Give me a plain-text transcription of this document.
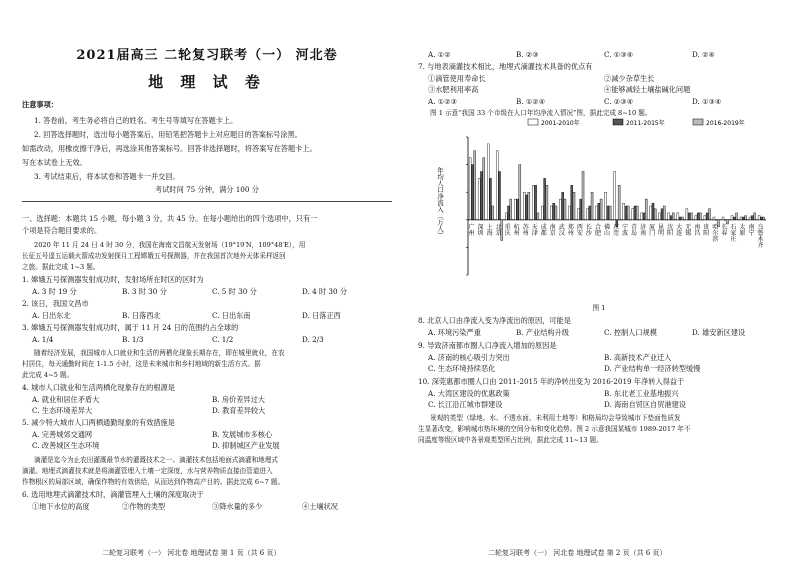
2021届高三 二轮复习联考（一） 河北卷
地 理 试 卷
注意事项：
1. 答卷前，考生务必将自己的姓名、考生号等填写在答题卡上。
2. 回答选择题时，选出每小题答案后，用铅笔把答题卡上对应题目的答案标号涂黑。
如需改动，用橡皮擦干净后，再选涂其他答案标号。回答非选择题时，将答案写在答题卡上。
写在本试卷上无效。
3. 考试结束后，将本试卷和答题卡一并交回。
考试时间 75 分钟，满分 100 分
一、选择题：本题共 15 小题，每小题 3 分，共 45 分。在每小题给出的四个选项中，只有一
个项是符合题目要求的。
2020 年 11 月 24 日 4 时 30 分，我国在海南文昌航天发射场（19°19′N，109°48′E），用
长征五号遥五运载火箭成功发射探月工程嫦娥五号探测器，并在我国首次地外天体采样返回
之旅。据此完成 1~3 题。
1. 嫦娥五号探测器发射成功时，发射场所在时区的区时为
A. 3 时 19 分	B. 3 时 30 分	C. 5 时 30 分	D. 4 时 30 分
2. 该日，我国文昌市
A. 日出东北	B. 日落西北	C. 日出东南	D. 日落正西
3. 嫦娥五号探测器发射成功时，属于 11 月 24 日的范围约占全球的
A. 1/4	B. 1/3	C. 1/2	D. 2/3
随着经济发展，我国城市人口就业和生活的两栖化现象长期存在，即在城里就业，在农
村居住，每天通勤时间在 1-1.5 小时，这是未来城市和乡村地域的新生活方式。据
此完成 4~5 题。
4. 城市人口就业和生活两栖化现象存在的根源是
A. 就业和居住矛盾大	B. 房价差异过大
C. 生态环境差异大	D. 教育差异较大
5. 减少特大城市人口两栖通勤现象的有效措施是
A. 完善城郊交通网	B. 发展城市多核心
C. 改善城区生态环境	D. 抑制城区产业发展
滴灌是迄今为止农田灌溉最节水的灌溉技术之一。滴灌技术包括地面式滴灌和地埋式
滴灌。地埋式滴灌技术就是将滴灌管埋入土壤一定深度，水与营养物质直接由管道进入
作物根区的局部区域，确保作物的有效供给，从而达到作物高产目的。据此完成 6~7 题。
6. 选用地埋式滴灌技术时，滴灌管埋入土壤的深度取决于
①地下水位的高度	②作物的类型	③降水量的多少	④土壤状况
二轮复习联考（一） 河北卷 地理试卷 第 1 页（共 6 页）
A. ①②	B. ②③	C. ①③④	D. ②④
7. 与地表滴灌技术相比，地埋式滴灌技术具备的优点有
①滴管使用寿命长	②减少杂草生长
③水肥利用率高	④能够减轻土壤盐碱化问题
A. ①②③	B. ①②④	C. ②③④	D. ①③④
图 1 示意“我国 33 个市级在人口年均净流入情况”图，据此完成 8~10 题。
年均人口净流入（万人）
2001-2010年	2011-2015年	2016-2019年
广州 深圳 上海 北京 重庆 杭州 苏州 天津 成都 南京 武汉 郑州 西安 长沙 合肥 佛山 东莞 宁波 青岛 济南 厦门 昆明 沈阳 大连 无锡 南昌 贵阳 哈尔滨 长春 石家庄 太原 南宁 乌鲁木齐
图 1
8. 北京人口由净流入变为净流出的原因，可能是
A. 环境污染严重	B. 产业结构升级	C. 控制人口规模	D. 雄安新区建设
9. 导致济南都市圈人口净流入增加的原因是
A. 济南的核心吸引力突出	B. 高新技术产业迁入
C. 生态环境持续恶化	D. 产业结构单一经济转型缓慢
10. 深莞惠都市圈人口由 2011-2015 年的净转出变为 2016-2019 年净转入得益于
A. 大湾区建设的优惠政策	B. 东北老工业基地振兴
C. 长江沿江城市群建设	D. 海南自贸区自贸港建设
景观的类型（绿地、水、不透水面、未利用土地等）和格局均会导致城市下垫面性质发
生显著改变，影响城市热环境的空间分布和变化趋势。图 2 示意我国某城市 1989-2017 年不
同温度等级区域中各景观类型所占比例，据此完成 11~13 题。
二轮复习联考（一） 河北卷 地理试卷 第 2 页（共 6 页）
